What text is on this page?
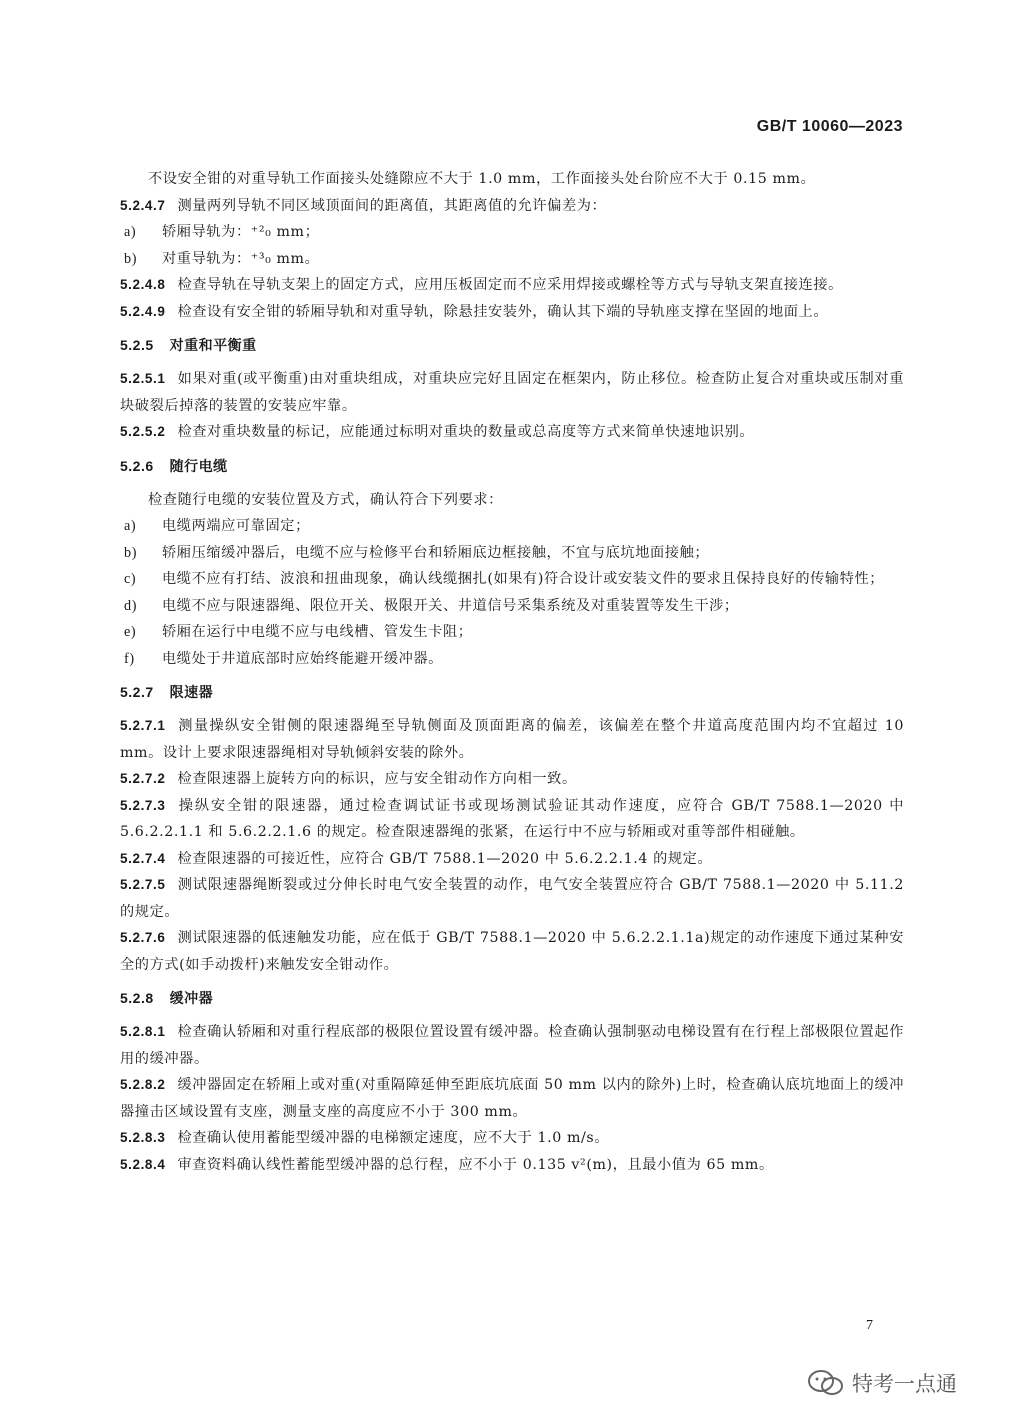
GB/T 10060—2023

不设安全钳的对重导轨工作面接头处缝隙应不大于 1.0 mm，工作面接头处台阶应不大于 0.15 mm。

5.2.4.7 测量两列导轨不同区域顶面间的距离值，其距离值的允许偏差为：

a)	轿厢导轨为：⁺²₀ mm；
b)	对重导轨为：⁺³₀ mm。

5.2.4.8 检查导轨在导轨支架上的固定方式，应用压板固定而不应采用焊接或螺栓等方式与导轨支架直接连接。

5.2.4.9 检查设有安全钳的轿厢导轨和对重导轨，除悬挂安装外，确认其下端的导轨座支撑在坚固的地面上。

5.2.5 对重和平衡重

5.2.5.1 如果对重(或平衡重)由对重块组成，对重块应完好且固定在框架内，防止移位。检查防止复合对重块或压制对重块破裂后掉落的装置的安装应牢靠。

5.2.5.2 检查对重块数量的标记，应能通过标明对重块的数量或总高度等方式来简单快速地识别。

5.2.6 随行电缆

检查随行电缆的安装位置及方式，确认符合下列要求：

a)	电缆两端应可靠固定；
b)	轿厢压缩缓冲器后，电缆不应与检修平台和轿厢底边框接触，不宜与底坑地面接触；
c)	电缆不应有打结、波浪和扭曲现象，确认线缆捆扎(如果有)符合设计或安装文件的要求且保持良好的传输特性；
d)	电缆不应与限速器绳、限位开关、极限开关、井道信号采集系统及对重装置等发生干涉；
e)	轿厢在运行中电缆不应与电线槽、管发生卡阻；
f)	电缆处于井道底部时应始终能避开缓冲器。
5.2.7 限速器

5.2.7.1 测量操纵安全钳侧的限速器绳至导轨侧面及顶面距离的偏差，该偏差在整个井道高度范围内均不宜超过 10 mm。设计上要求限速器绳相对导轨倾斜安装的除外。

5.2.7.2 检查限速器上旋转方向的标识，应与安全钳动作方向相一致。

5.2.7.3 操纵安全钳的限速器，通过检查调试证书或现场测试验证其动作速度，应符合 GB/T 7588.1—2020 中 5.6.2.2.1.1 和 5.6.2.2.1.6 的规定。检查限速器绳的张紧，在运行中不应与轿厢或对重等部件相碰触。

5.2.7.4 检查限速器的可接近性，应符合 GB/T 7588.1—2020 中 5.6.2.2.1.4 的规定。

5.2.7.5 测试限速器绳断裂或过分伸长时电气安全装置的动作，电气安全装置应符合 GB/T 7588.1—2020 中 5.11.2 的规定。

5.2.7.6 测试限速器的低速触发功能，应在低于 GB/T 7588.1—2020 中 5.6.2.2.1.1a)规定的动作速度下通过某种安全的方式(如手动拨杆)来触发安全钳动作。

5.2.8 缓冲器

5.2.8.1 检查确认轿厢和对重行程底部的极限位置设置有缓冲器。检查确认强制驱动电梯设置有在行程上部极限位置起作用的缓冲器。

5.2.8.2 缓冲器固定在轿厢上或对重(对重隔障延伸至距底坑底面 50 mm 以内的除外)上时，检查确认底坑地面上的缓冲器撞击区域设置有支座，测量支座的高度应不小于 300 mm。

5.2.8.3 检查确认使用蓄能型缓冲器的电梯额定速度，应不大于 1.0 m/s。

5.2.8.4 审查资料确认线性蓄能型缓冲器的总行程，应不小于 0.135 v²(m)，且最小值为 65 mm。

7
特考一点通
